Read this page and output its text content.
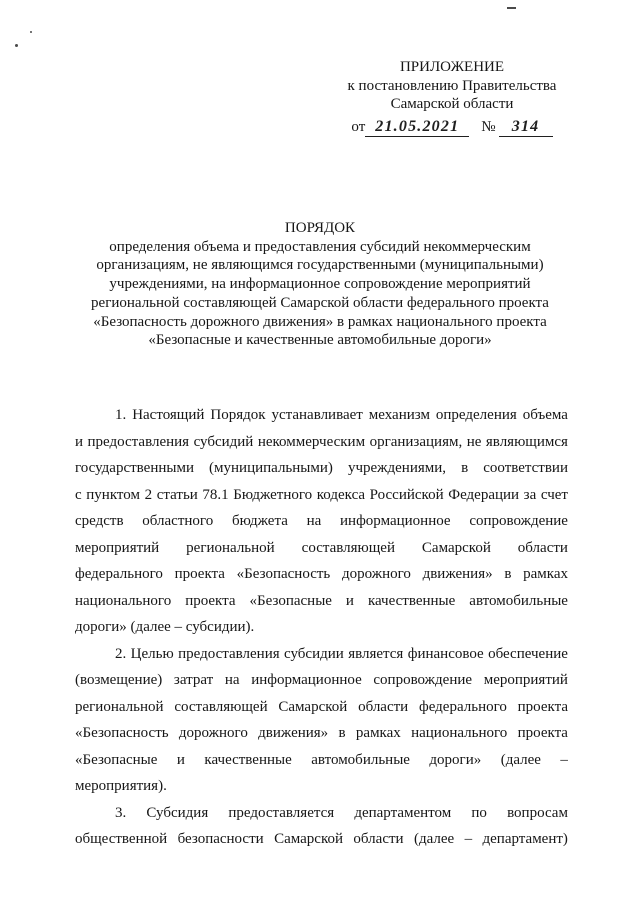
ПРИЛОЖЕНИЕ
к постановлению Правительства
Самарской области
от 21.05.2021	№	314
ПОРЯДОК
определения объема и предоставления субсидий некоммерческим
организациям, не являющимся государственными (муниципальными)
учреждениями, на информационное сопровождение мероприятий
региональной составляющей Самарской области федерального проекта
«Безопасность дорожного движения» в рамках национального проекта
«Безопасные и качественные автомобильные дороги»
1. Настоящий Порядок устанавливает механизм определения объема
и предоставления субсидий некоммерческим организациям, не являющимся
государственными (муниципальными) учреждениями, в соответствии
с пунктом 2 статьи 78.1 Бюджетного кодекса Российской Федерации за счет
средств областного бюджета на информационное сопровождение
мероприятий региональной составляющей Самарской области
федерального проекта «Безопасность дорожного движения» в рамках
национального проекта «Безопасные и качественные автомобильные
дороги» (далее – субсидии).
2. Целью предоставления субсидии является финансовое обеспечение
(возмещение) затрат на информационное сопровождение мероприятий
региональной составляющей Самарской области федерального проекта
«Безопасность дорожного движения» в рамках национального проекта
«Безопасные и качественные автомобильные дороги» (далее –
мероприятия).
3. Субсидия предоставляется департаментом по вопросам
общественной безопасности Самарской области (далее – департамент)
